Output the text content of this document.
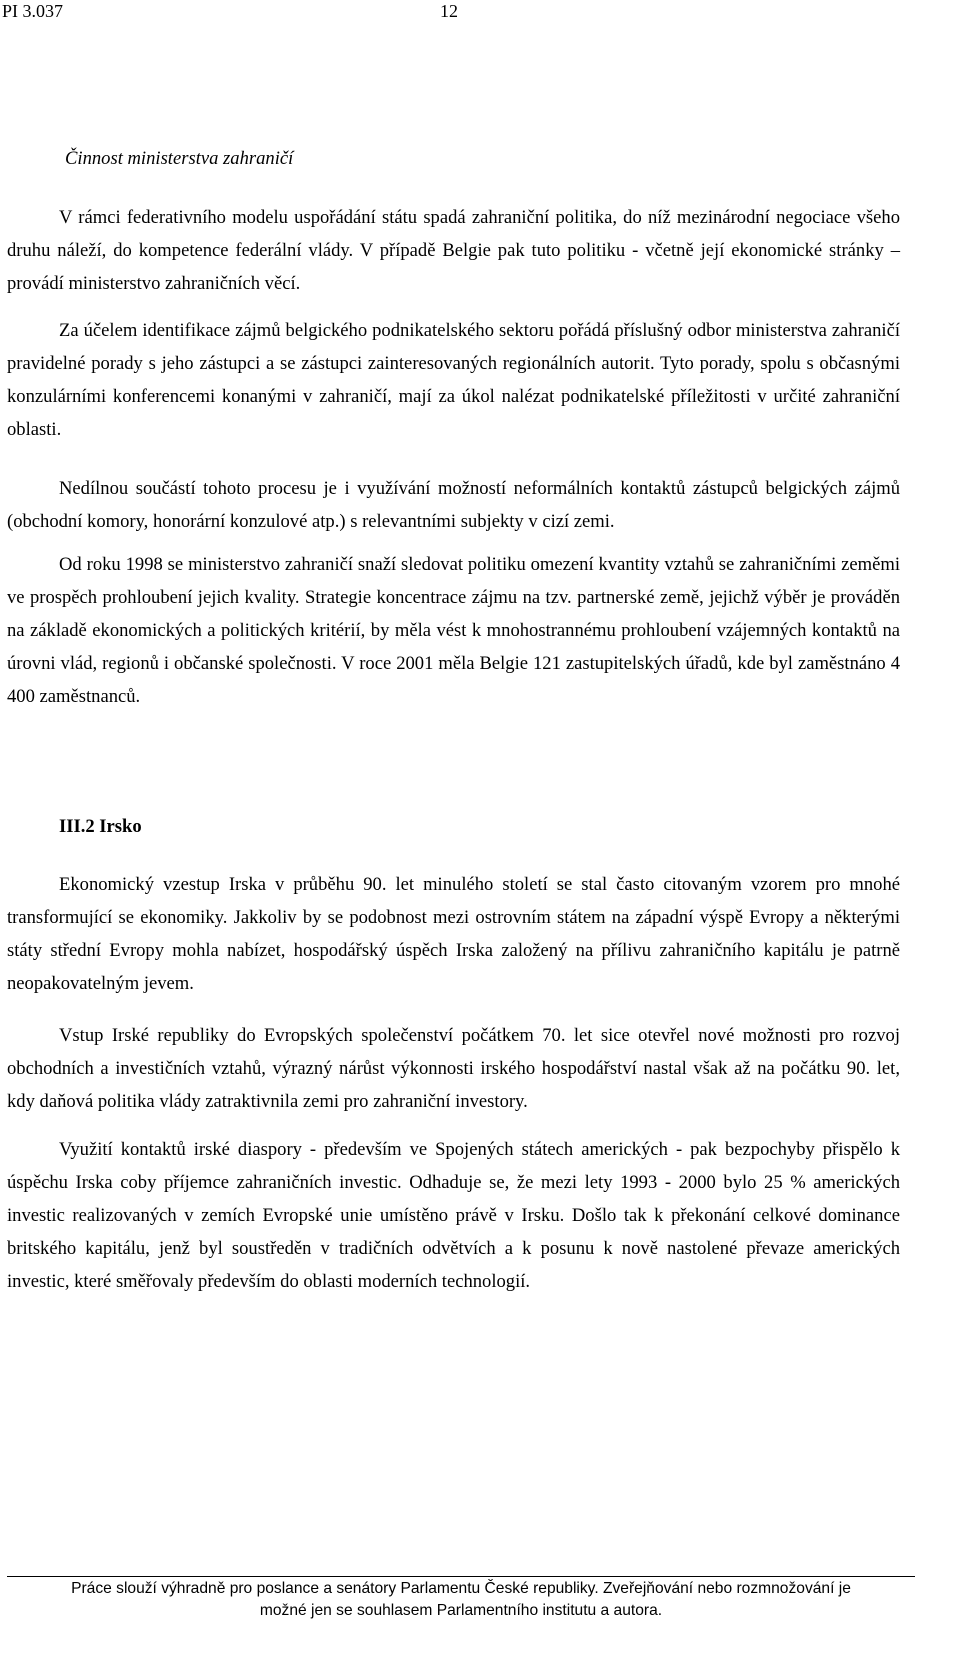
PI 3.037	12
Činnost ministerstva zahraničí

V rámci federativního modelu uspořádání státu spadá zahraniční politika, do níž mezinárodní negociace všeho druhu náleží, do kompetence federální vlády. V případě Belgie pak tuto politiku - včetně její ekonomické stránky – provádí ministerstvo zahraničních věcí.

Za účelem identifikace zájmů belgického podnikatelského sektoru pořádá příslušný odbor ministerstva zahraničí pravidelné porady s jeho zástupci a se zástupci zainteresovaných regionálních autorit. Tyto porady, spolu s občasnými konzulárními konferencemi konanými v zahraničí, mají za úkol nalézat podnikatelské příležitosti v určité zahraniční oblasti.

Nedílnou součástí tohoto procesu je i využívání možností neformálních kontaktů zástupců belgických zájmů (obchodní komory, honorární konzulové atp.) s relevantními subjekty v cizí zemi.

Od roku 1998 se ministerstvo zahraničí snaží sledovat politiku omezení kvantity vztahů se zahraničními zeměmi ve prospěch prohloubení jejich kvality. Strategie koncentrace zájmu na tzv. partnerské země, jejichž výběr je prováděn na základě ekonomických a politických kritérií, by měla vést k mnohostrannému prohloubení vzájemných kontaktů na úrovni vlád, regionů i občanské společnosti. V roce 2001 měla Belgie 121 zastupitelských úřadů, kde byl zaměstnáno 4 400 zaměstnanců.

III.2 Irsko

Ekonomický vzestup Irska v průběhu 90. let minulého století se stal často citovaným vzorem pro mnohé transformující se ekonomiky. Jakkoliv by se podobnost mezi ostrovním státem na západní výspě Evropy a některými státy střední Evropy mohla nabízet, hospodářský úspěch Irska založený na přílivu zahraničního kapitálu je patrně neopakovatelným jevem.

Vstup Irské republiky do Evropských společenství počátkem 70. let sice otevřel nové možnosti pro rozvoj obchodních a investičních vztahů, výrazný nárůst výkonnosti irského hospodářství nastal však až na počátku 90. let, kdy daňová politika vlády zatraktivnila zemi pro zahraniční investory.

Využití kontaktů irské diaspory - především ve Spojených státech amerických - pak bezpochyby přispělo k úspěchu Irska coby příjemce zahraničních investic. Odhaduje se, že mezi lety 1993 - 2000 bylo 25 % amerických investic realizovaných v zemích Evropské unie umístěno právě v Irsku. Došlo tak k překonání celkové dominance britského kapitálu, jenž byl soustředěn v tradičních odvětvích a k posunu k nově nastolené převaze amerických investic, které směřovaly především do oblasti moderních technologií.

Práce slouží výhradně pro poslance a senátory Parlamentu České republiky. Zveřejňování nebo rozmnožování je
možné jen se souhlasem Parlamentního institutu a autora.
